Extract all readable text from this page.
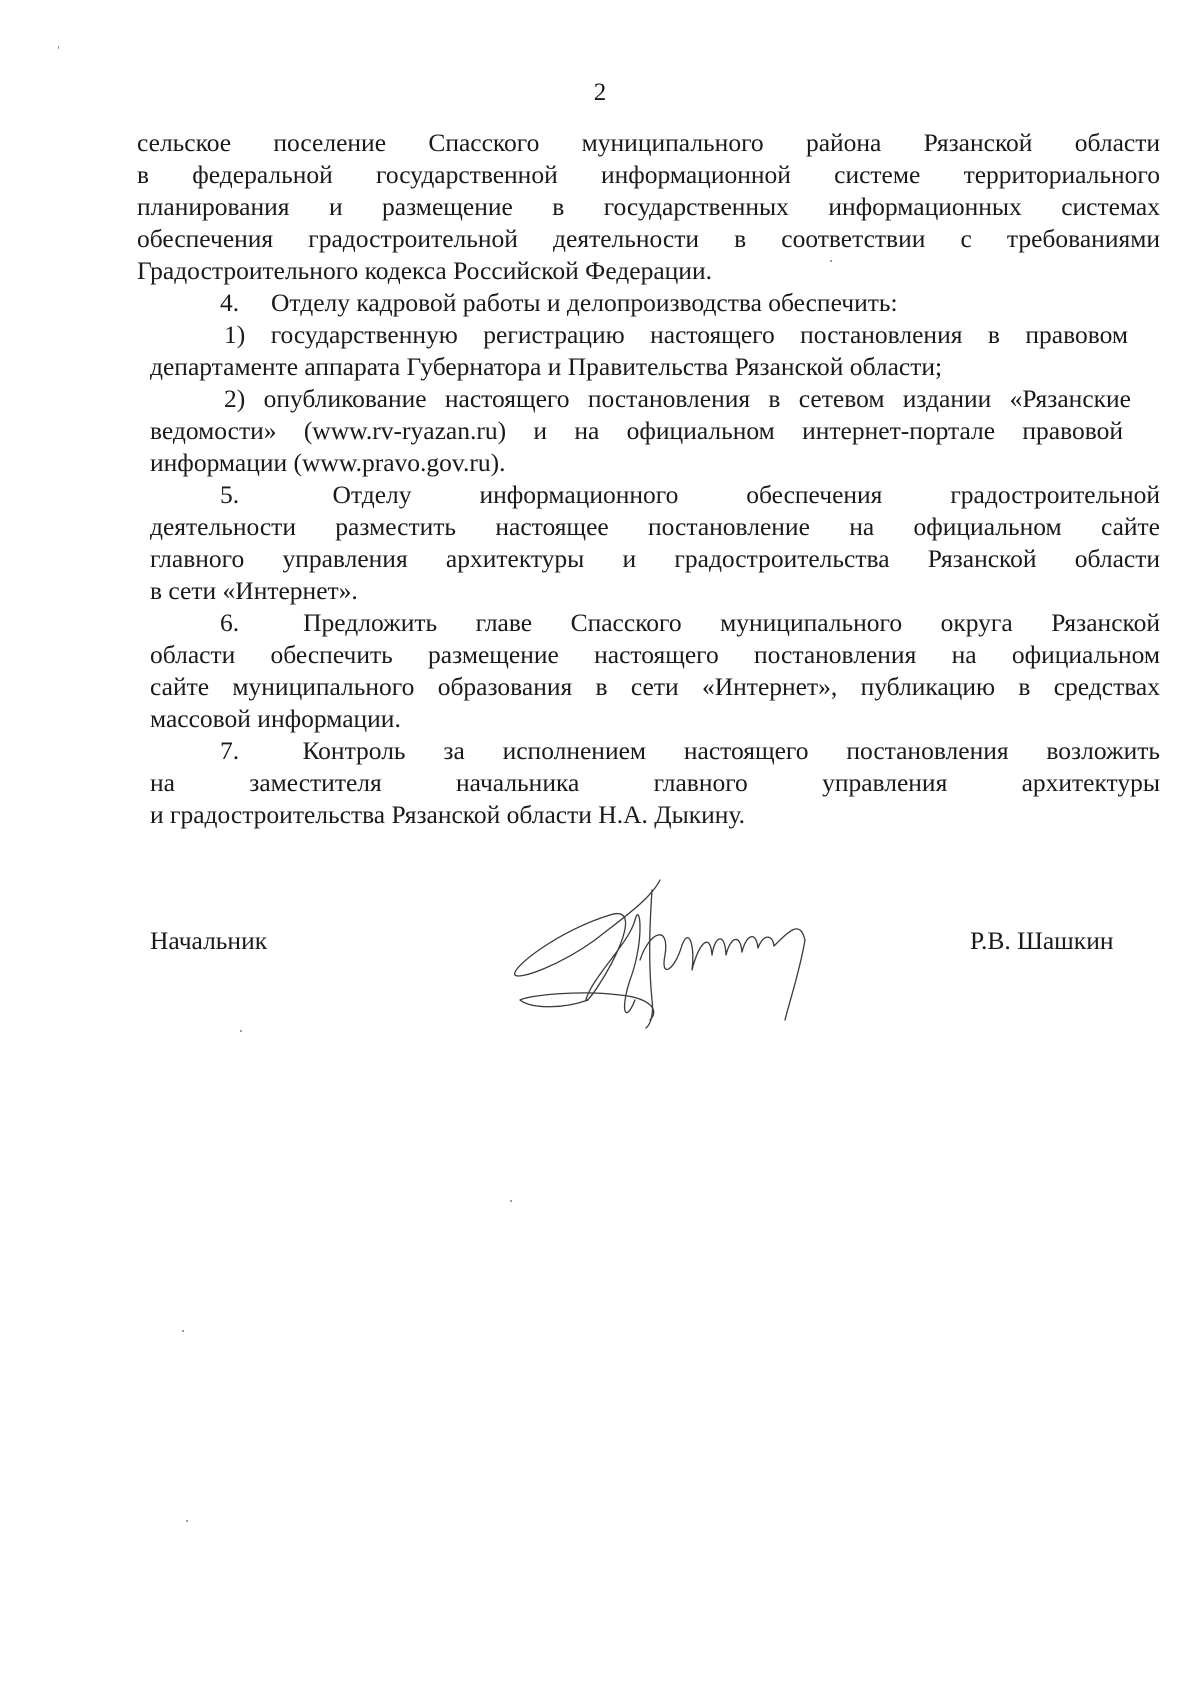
2
сельское поселение Спасского муниципального района Рязанской области
в федеральной государственной информационной системе территориального
планирования и размещение в государственных информационных системах
обеспечения градостроительной деятельности в соответствии с требованиями
Градостроительного кодекса Российской Федерации.
4.  Отделу кадровой работы и делопроизводства обеспечить:
1) государственную регистрацию настоящего постановления в правовом
департаменте аппарата Губернатора и Правительства Рязанской области;
2) опубликование настоящего постановления в сетевом издании «Рязанские
ведомости» (www.rv-ryazan.ru) и на официальном интернет-портале правовой
информации (www.pravo.gov.ru).
5.  Отделу информационного обеспечения градостроительной
деятельности разместить настоящее постановление на официальном сайте
главного управления архитектуры и градостроительства Рязанской области
в сети «Интернет».
6.  Предложить главе Спасского муниципального округа Рязанской
области обеспечить размещение настоящего постановления на официальном
сайте муниципального образования в сети «Интернет», публикацию в средствах
массовой информации.
7.  Контроль за исполнением настоящего постановления возложить
на заместителя начальника главного управления архитектуры
и градостроительства Рязанской области Н.А. Дыкину.
Начальник	Р.В. Шашкин
